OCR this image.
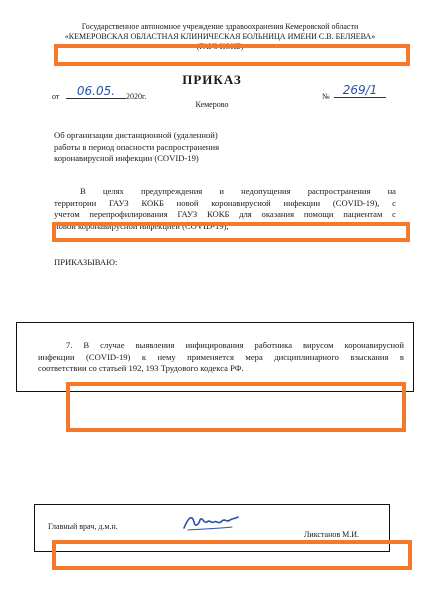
Государственное автономное учреждение здравоохранения Кемеровской области
«КЕМЕРОВСКАЯ ОБЛАСТНАЯ КЛИНИЧЕСКАЯ БОЛЬНИЦА ИМЕНИ С.В. БЕЛЯЕВА»
(ГАУЗ КОКБ)
ПРИКАЗ
от	06.05.	2020г.	№	269/1
Кемерово
Об организации дистанционной (удаленной)
работы в период опасности распространения
коронавирусной инфекции (COVID-19)
В целях предупреждения и недопущения распространения на
территории ГАУЗ КОКБ новой коронавирусной инфекции (COVID-19), с
учетом перепрофилирования ГАУЗ КОКБ для оказания помощи пациентам с
новой коронавирусной инфекцией (COVID-19),
ПРИКАЗЫВАЮ:
7. В случае выявления инфицирования работника вирусом коронавирусной
инфекции (COVID-19) к нему применяется мера дисциплинарного взыскания в
соответствии со статьей 192, 193 Трудового кодекса РФ.
Главный врач, д.м.н.
Ликстанов М.И.
